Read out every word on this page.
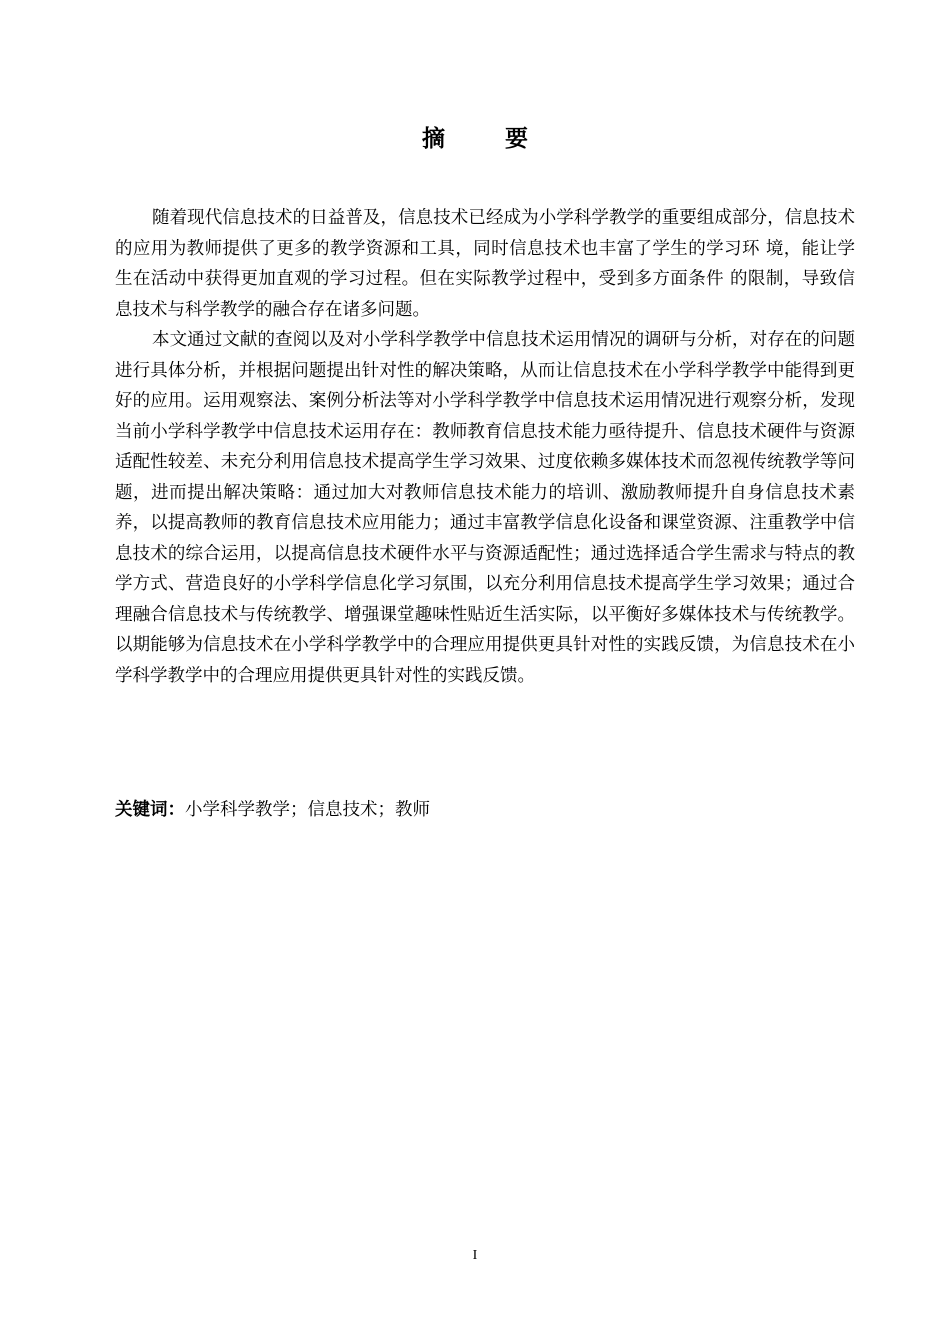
摘 要

随着现代信息技术的日益普及，信息技术已经成为小学科学教学的重要组成部分，信息技术的应用为教师提供了更多的教学资源和工具，同时信息技术也丰富了学生的学习环 境，能让学生在活动中获得更加直观的学习过程。但在实际教学过程中，受到多方面条件 的限制，导致信息技术与科学教学的融合存在诸多问题。

本文通过文献的查阅以及对小学科学教学中信息技术运用情况的调研与分析，对存在的问题进行具体分析，并根据问题提出针对性的解决策略，从而让信息技术在小学科学教学中能得到更好的应用。运用观察法、案例分析法等对小学科学教学中信息技术运用情况进行观察分析，发现当前小学科学教学中信息技术运用存在：教师教育信息技术能力亟待提升、信息技术硬件与资源适配性较差、未充分利用信息技术提高学生学习效果、过度依赖多媒体技术而忽视传统教学等问题，进而提出解决策略：通过加大对教师信息技术能力的培训、激励教师提升自身信息技术素养，以提高教师的教育信息技术应用能力；通过丰富教学信息化设备和课堂资源、注重教学中信息技术的综合运用，以提高信息技术硬件水平与资源适配性；通过选择适合学生需求与特点的教学方式、营造良好的小学科学信息化学习氛围，以充分利用信息技术提高学生学习效果；通过合理融合信息技术与传统教学、增强课堂趣味性贴近生活实际，以平衡好多媒体技术与传统教学。以期能够为信息技术在小学科学教学中的合理应用提供更具针对性的实践反馈，为信息技术在小学科学教学中的合理应用提供更具针对性的实践反馈。

关键词：小学科学教学；信息技术；教师
I
